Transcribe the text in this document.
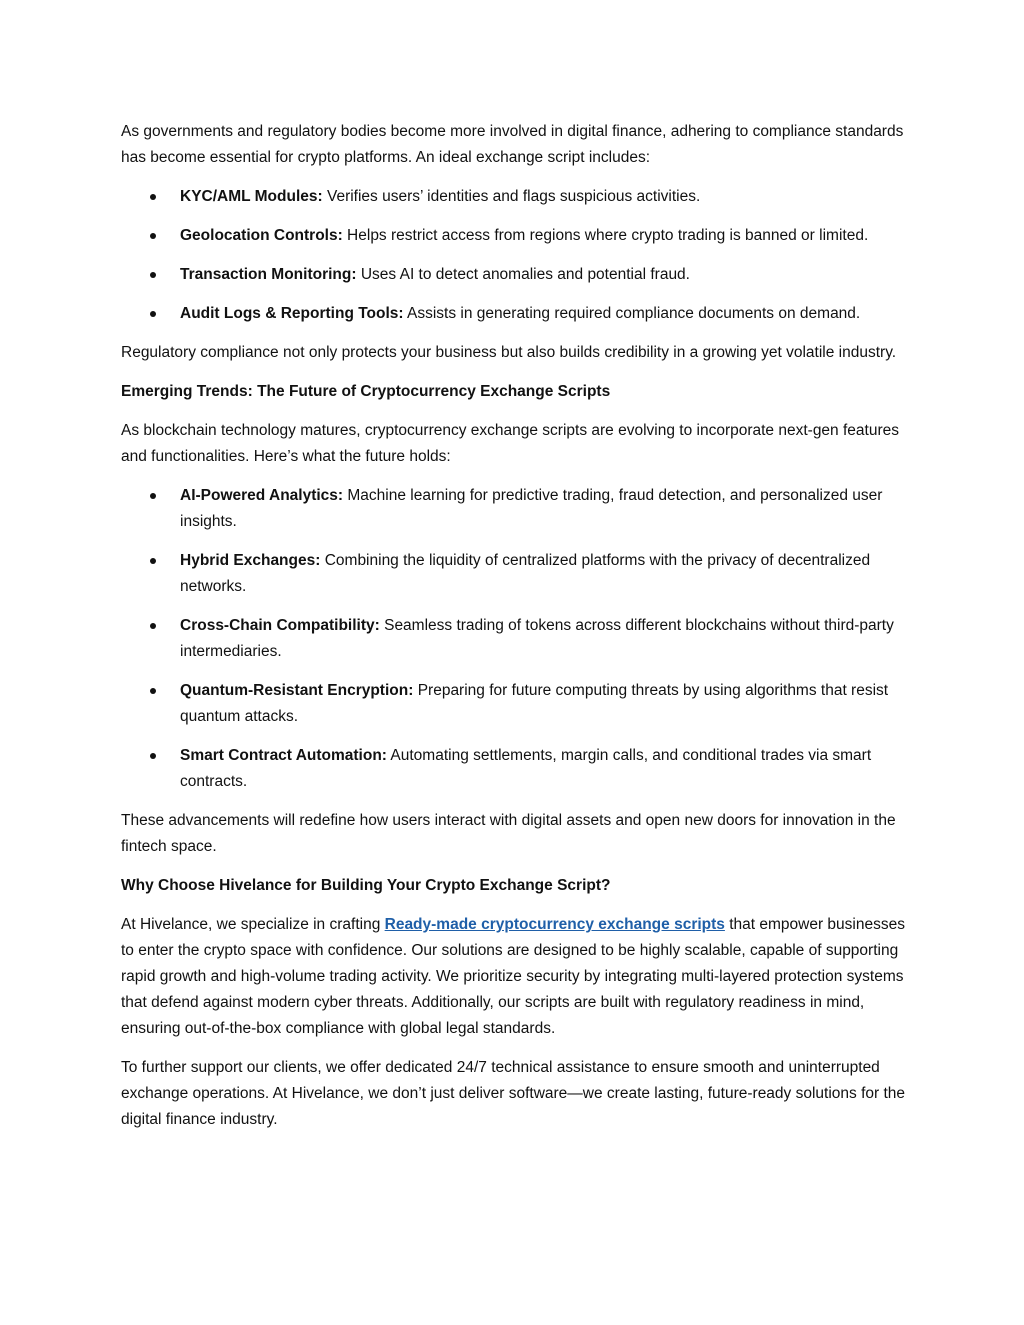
As governments and regulatory bodies become more involved in digital finance, adhering to compliance standards has become essential for crypto platforms. An ideal exchange script includes:

KYC/AML Modules: Verifies users’ identities and flags suspicious activities.
Geolocation Controls: Helps restrict access from regions where crypto trading is banned or limited.
Transaction Monitoring: Uses AI to detect anomalies and potential fraud.
Audit Logs & Reporting Tools: Assists in generating required compliance documents on demand.

Regulatory compliance not only protects your business but also builds credibility in a growing yet volatile industry.

Emerging Trends: The Future of Cryptocurrency Exchange Scripts

As blockchain technology matures, cryptocurrency exchange scripts are evolving to incorporate next-gen features and functionalities. Here’s what the future holds:

AI-Powered Analytics: Machine learning for predictive trading, fraud detection, and personalized user insights.
Hybrid Exchanges: Combining the liquidity of centralized platforms with the privacy of decentralized networks.
Cross-Chain Compatibility: Seamless trading of tokens across different blockchains without third-party intermediaries.
Quantum-Resistant Encryption: Preparing for future computing threats by using algorithms that resist quantum attacks.
Smart Contract Automation: Automating settlements, margin calls, and conditional trades via smart contracts.

These advancements will redefine how users interact with digital assets and open new doors for innovation in the fintech space.

Why Choose Hivelance for Building Your Crypto Exchange Script?

At Hivelance, we specialize in crafting Ready-made cryptocurrency exchange scripts that empower businesses to enter the crypto space with confidence. Our solutions are designed to be highly scalable, capable of supporting rapid growth and high-volume trading activity. We prioritize security by integrating multi-layered protection systems that defend against modern cyber threats. Additionally, our scripts are built with regulatory readiness in mind, ensuring out-of-the-box compliance with global legal standards.

To further support our clients, we offer dedicated 24/7 technical assistance to ensure smooth and uninterrupted exchange operations. At Hivelance, we don’t just deliver software—we create lasting, future-ready solutions for the digital finance industry.
